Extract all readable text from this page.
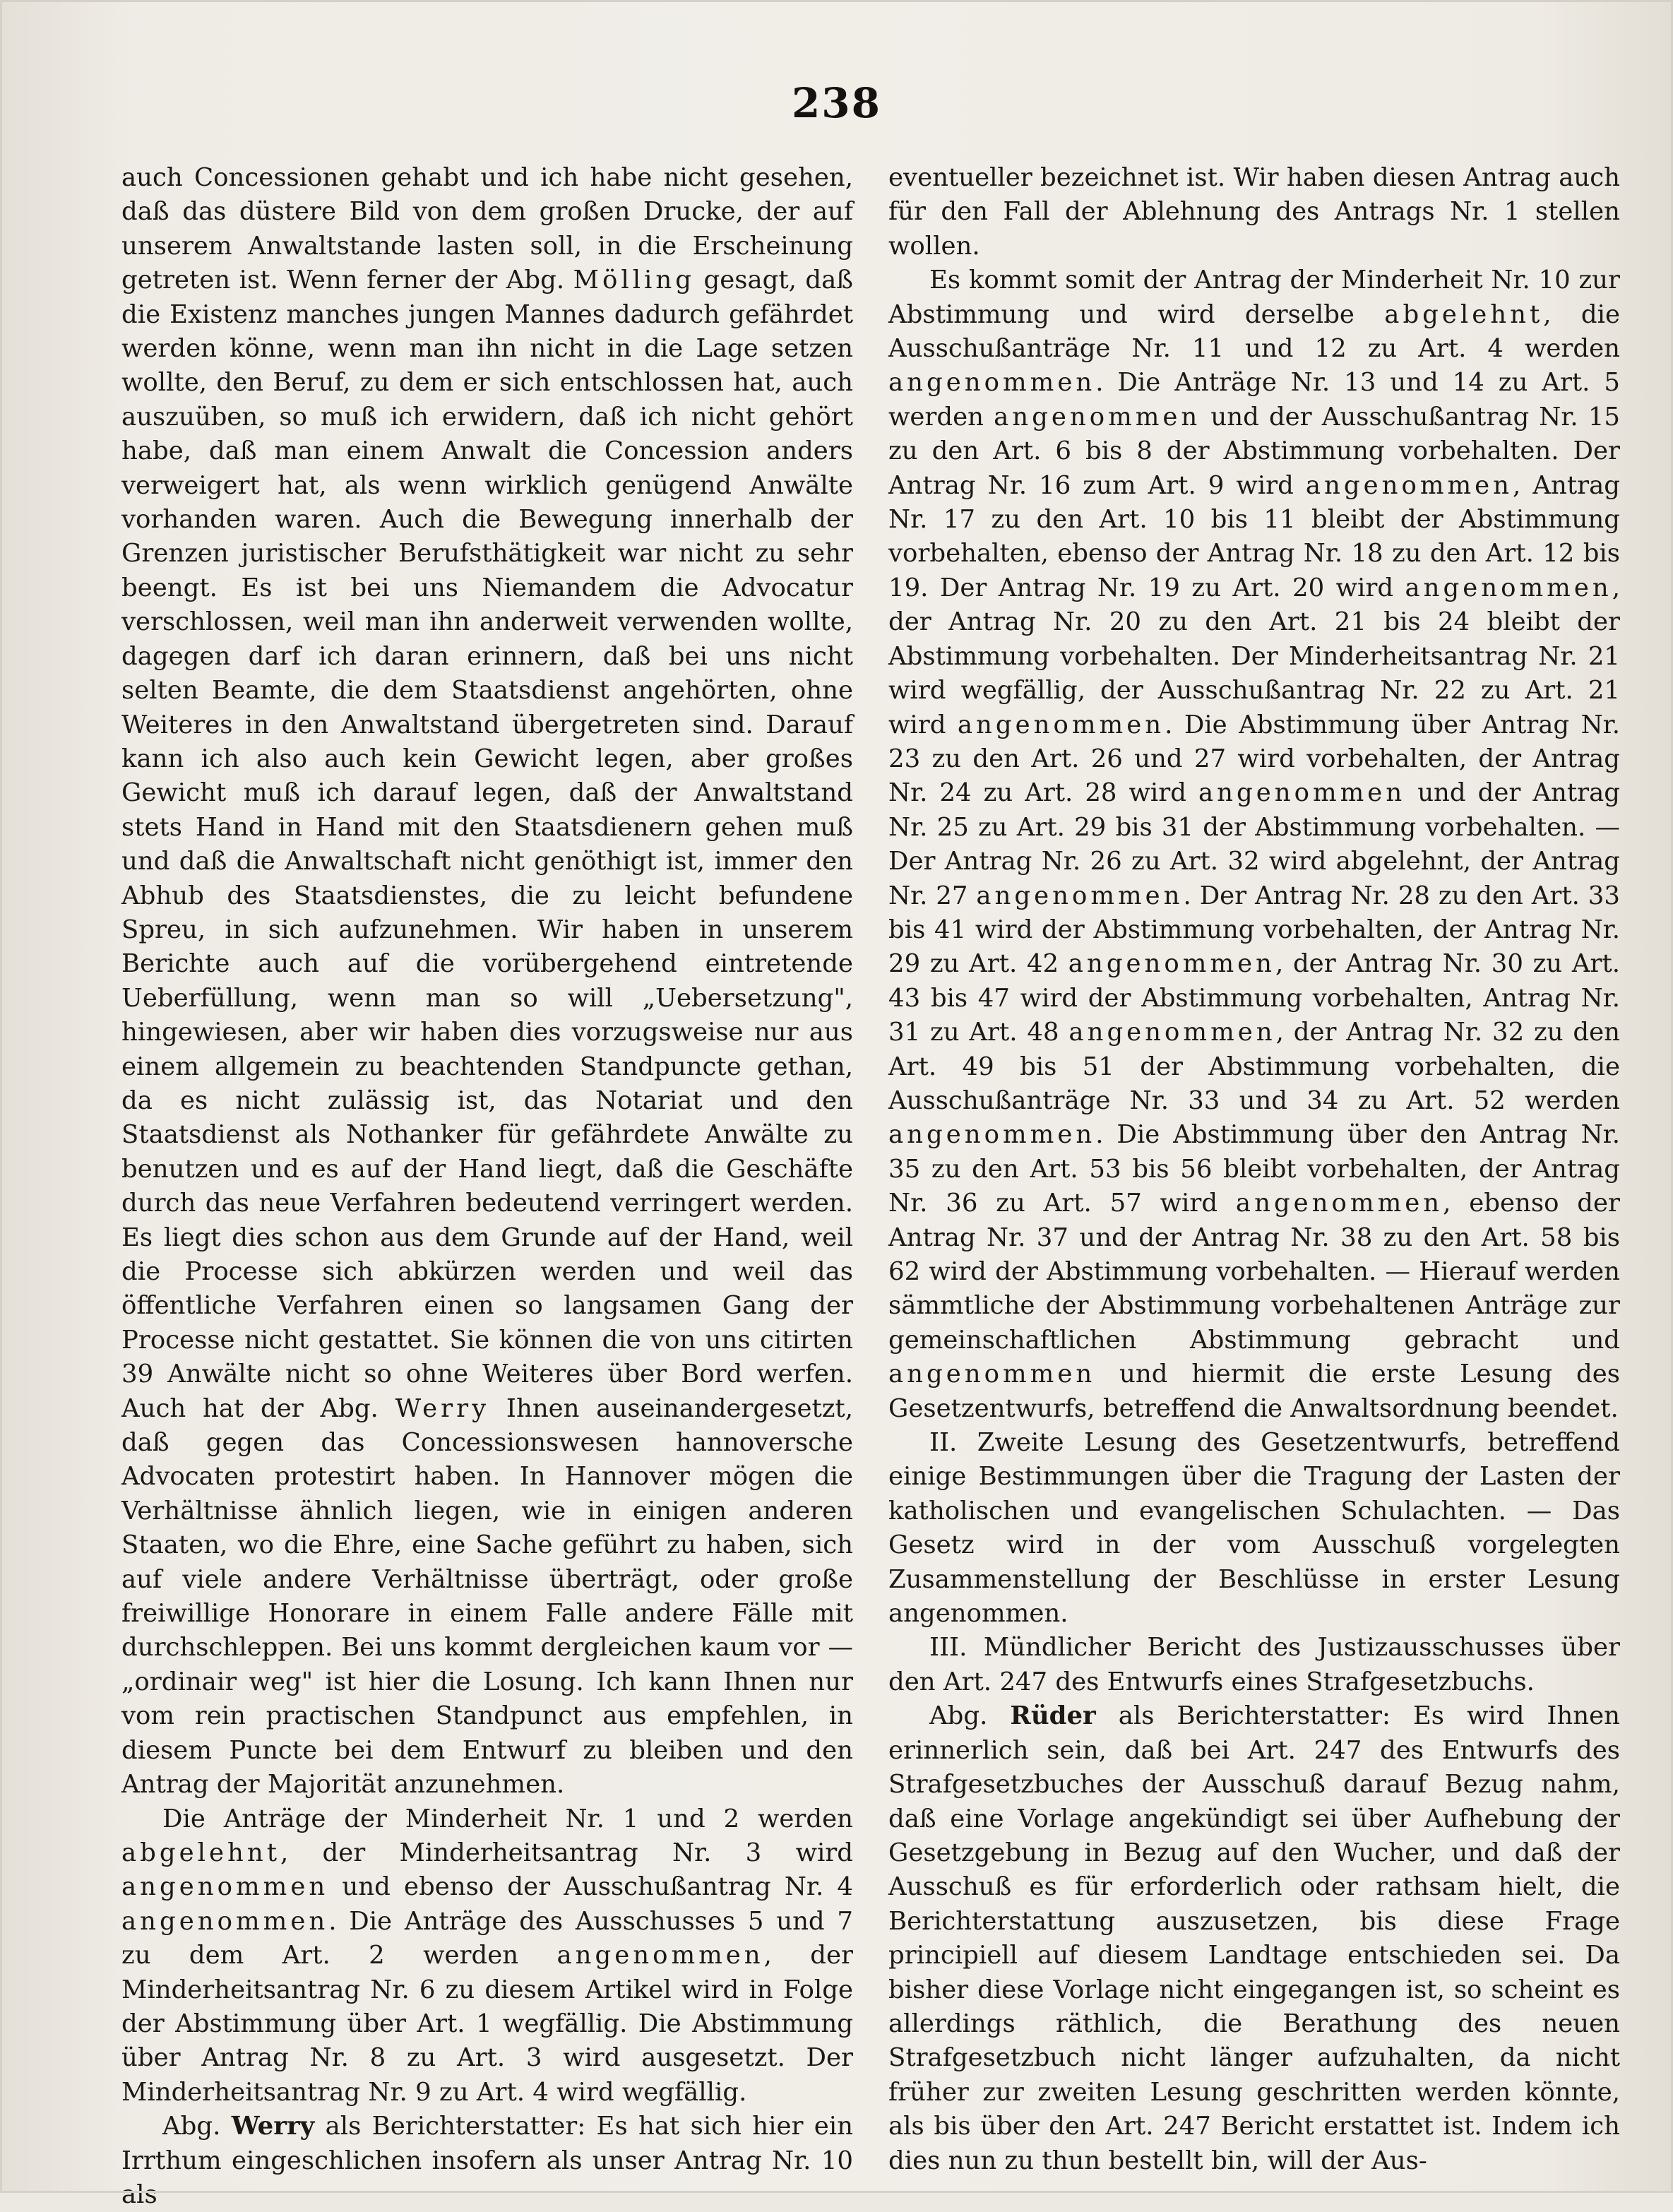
238

auch Concessionen gehabt und ich habe nicht gesehen, daß das düstere Bild von dem großen Drucke, der auf unserem Anwaltstande lasten soll, in die Erscheinung getreten ist. Wenn ferner der Abg. Mölling gesagt, daß die Existenz manches jungen Mannes dadurch gefährdet werden könne, wenn man ihn nicht in die Lage setzen wollte, den Beruf, zu dem er sich entschlossen hat, auch auszuüben, so muß ich erwidern, daß ich nicht gehört habe, daß man einem Anwalt die Concession anders verweigert hat, als wenn wirklich genügend Anwälte vorhanden waren. Auch die Bewegung innerhalb der Grenzen juristischer Berufsthätigkeit war nicht zu sehr beengt. Es ist bei uns Niemandem die Advocatur verschlossen, weil man ihn anderweit verwenden wollte, dagegen darf ich daran erinnern, daß bei uns nicht selten Beamte, die dem Staatsdienst angehörten, ohne Weiteres in den Anwaltstand übergetreten sind. Darauf kann ich also auch kein Gewicht legen, aber großes Gewicht muß ich darauf legen, daß der Anwaltstand stets Hand in Hand mit den Staatsdienern gehen muß und daß die Anwaltschaft nicht genöthigt ist, immer den Abhub des Staatsdienstes, die zu leicht befundene Spreu, in sich aufzunehmen. Wir haben in unserem Berichte auch auf die vorübergehend eintretende Ueberfüllung, wenn man so will „Uebersetzung", hingewiesen, aber wir haben dies vorzugsweise nur aus einem allgemein zu beachtenden Standpuncte gethan, da es nicht zulässig ist, das Notariat und den Staatsdienst als Nothanker für gefährdete Anwälte zu benutzen und es auf der Hand liegt, daß die Geschäfte durch das neue Verfahren bedeutend verringert werden. Es liegt dies schon aus dem Grunde auf der Hand, weil die Processe sich abkürzen werden und weil das öffentliche Verfahren einen so langsamen Gang der Processe nicht gestattet. Sie können die von uns citirten 39 Anwälte nicht so ohne Weiteres über Bord werfen. Auch hat der Abg. Werry Ihnen auseinandergesetzt, daß gegen das Concessionswesen hannoversche Advocaten protestirt haben. In Hannover mögen die Verhältnisse ähnlich liegen, wie in einigen anderen Staaten, wo die Ehre, eine Sache geführt zu haben, sich auf viele andere Verhältnisse überträgt, oder große freiwillige Honorare in einem Falle andere Fälle mit durchschleppen. Bei uns kommt dergleichen kaum vor — „ordinair weg" ist hier die Losung. Ich kann Ihnen nur vom rein practischen Standpunct aus empfehlen, in diesem Puncte bei dem Entwurf zu bleiben und den Antrag der Majorität anzunehmen.

Die Anträge der Minderheit Nr. 1 und 2 werden abgelehnt, der Minderheitsantrag Nr. 3 wird angenommen und ebenso der Ausschußantrag Nr. 4 angenommen. Die Anträge des Ausschusses 5 und 7 zu dem Art. 2 werden angenommen, der Minderheitsantrag Nr. 6 zu diesem Artikel wird in Folge der Abstimmung über Art. 1 wegfällig. Die Abstimmung über Antrag Nr. 8 zu Art. 3 wird ausgesetzt. Der Minderheitsantrag Nr. 9 zu Art. 4 wird wegfällig.

Abg. Werry als Berichterstatter: Es hat sich hier ein Irrthum eingeschlichen insofern als unser Antrag Nr. 10 als

eventueller bezeichnet ist. Wir haben diesen Antrag auch für den Fall der Ablehnung des Antrags Nr. 1 stellen wollen.

Es kommt somit der Antrag der Minderheit Nr. 10 zur Abstimmung und wird derselbe abgelehnt, die Ausschußanträge Nr. 11 und 12 zu Art. 4 werden angenommen. Die Anträge Nr. 13 und 14 zu Art. 5 werden angenommen und der Ausschußantrag Nr. 15 zu den Art. 6 bis 8 der Abstimmung vorbehalten. Der Antrag Nr. 16 zum Art. 9 wird angenommen, Antrag Nr. 17 zu den Art. 10 bis 11 bleibt der Abstimmung vorbehalten, ebenso der Antrag Nr. 18 zu den Art. 12 bis 19. Der Antrag Nr. 19 zu Art. 20 wird angenommen, der Antrag Nr. 20 zu den Art. 21 bis 24 bleibt der Abstimmung vorbehalten. Der Minderheitsantrag Nr. 21 wird wegfällig, der Ausschußantrag Nr. 22 zu Art. 21 wird angenommen. Die Abstimmung über Antrag Nr. 23 zu den Art. 26 und 27 wird vorbehalten, der Antrag Nr. 24 zu Art. 28 wird angenommen und der Antrag Nr. 25 zu Art. 29 bis 31 der Abstimmung vorbehalten. — Der Antrag Nr. 26 zu Art. 32 wird abgelehnt, der Antrag Nr. 27 angenommen. Der Antrag Nr. 28 zu den Art. 33 bis 41 wird der Abstimmung vorbehalten, der Antrag Nr. 29 zu Art. 42 angenommen, der Antrag Nr. 30 zu Art. 43 bis 47 wird der Abstimmung vorbehalten, Antrag Nr. 31 zu Art. 48 angenommen, der Antrag Nr. 32 zu den Art. 49 bis 51 der Abstimmung vorbehalten, die Ausschußanträge Nr. 33 und 34 zu Art. 52 werden angenommen. Die Abstimmung über den Antrag Nr. 35 zu den Art. 53 bis 56 bleibt vorbehalten, der Antrag Nr. 36 zu Art. 57 wird angenommen, ebenso der Antrag Nr. 37 und der Antrag Nr. 38 zu den Art. 58 bis 62 wird der Abstimmung vorbehalten. — Hierauf werden sämmtliche der Abstimmung vorbehaltenen Anträge zur gemeinschaftlichen Abstimmung gebracht und angenommen und hiermit die erste Lesung des Gesetzentwurfs, betreffend die Anwaltsordnung beendet.

II. Zweite Lesung des Gesetzentwurfs, betreffend einige Bestimmungen über die Tragung der Lasten der katholischen und evangelischen Schulachten. — Das Gesetz wird in der vom Ausschuß vorgelegten Zusammenstellung der Beschlüsse in erster Lesung angenommen.

III. Mündlicher Bericht des Justizausschusses über den Art. 247 des Entwurfs eines Strafgesetzbuchs.

Abg. Rüder als Berichterstatter: Es wird Ihnen erinnerlich sein, daß bei Art. 247 des Entwurfs des Strafgesetzbuches der Ausschuß darauf Bezug nahm, daß eine Vorlage angekündigt sei über Aufhebung der Gesetzgebung in Bezug auf den Wucher, und daß der Ausschuß es für erforderlich oder rathsam hielt, die Berichterstattung auszusetzen, bis diese Frage principiell auf diesem Landtage entschieden sei. Da bisher diese Vorlage nicht eingegangen ist, so scheint es allerdings räthlich, die Berathung des neuen Strafgesetzbuch nicht länger aufzuhalten, da nicht früher zur zweiten Lesung geschritten werden könnte, als bis über den Art. 247 Bericht erstattet ist. Indem ich dies nun zu thun bestellt bin, will der Aus-
